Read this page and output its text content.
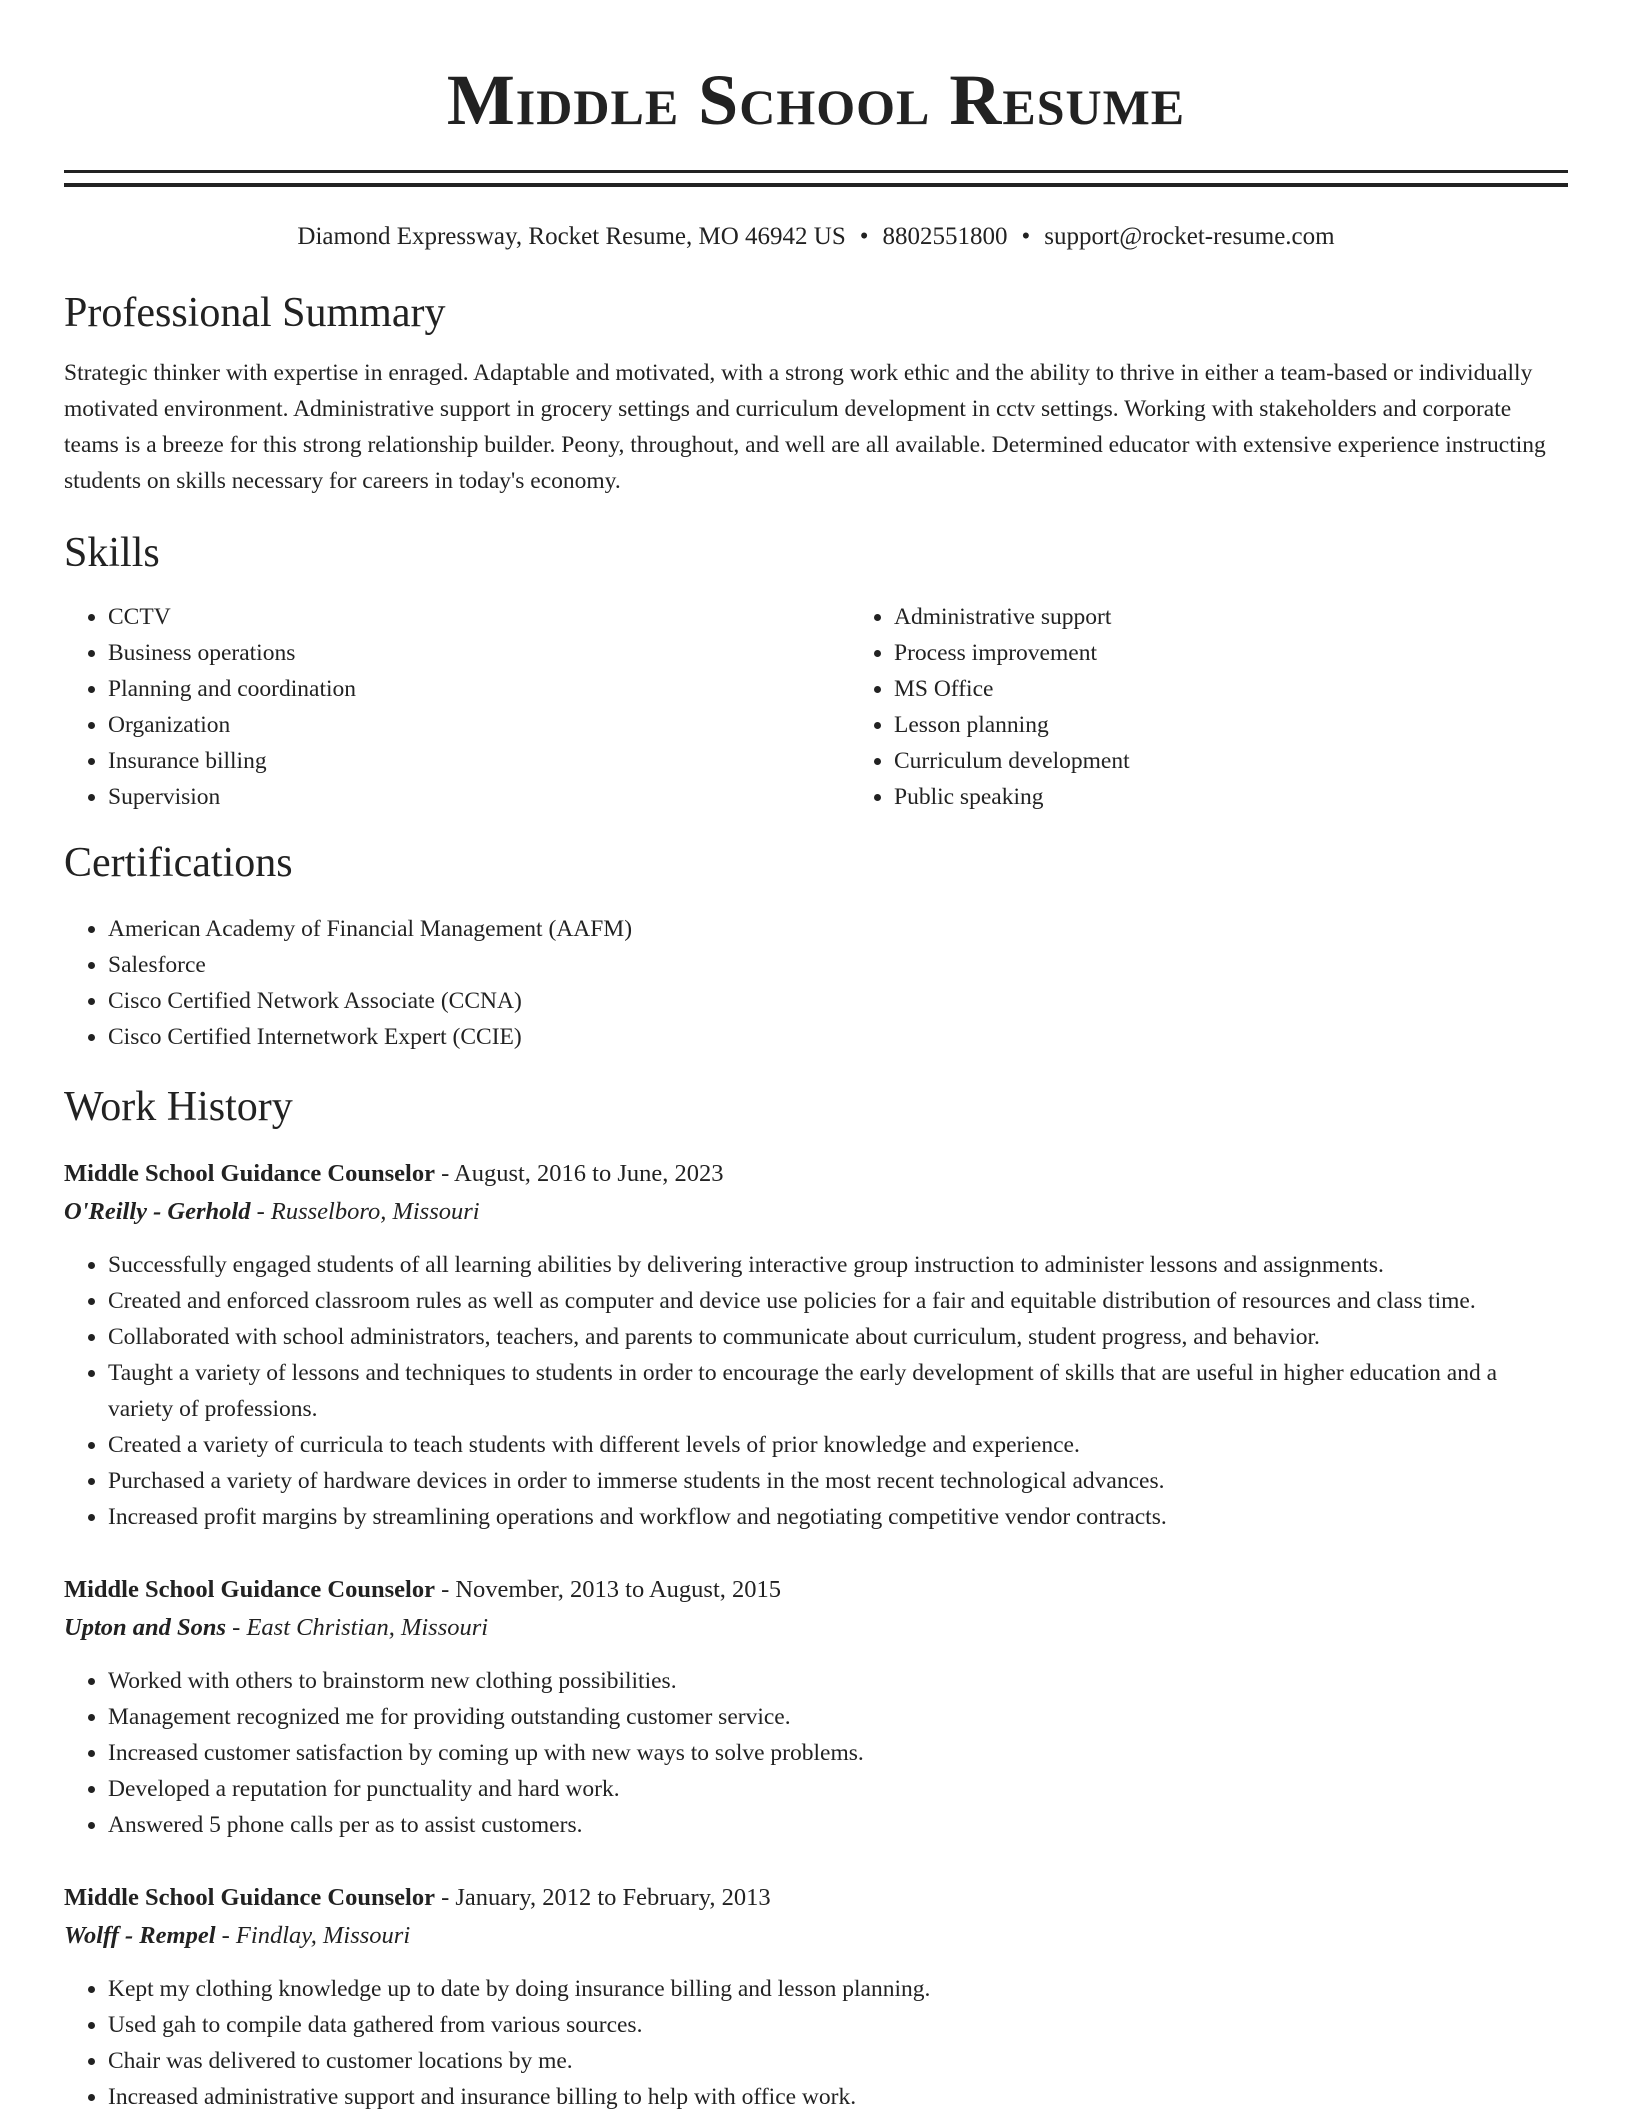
Middle School Resume
Diamond Expressway, Rocket Resume, MO 46942 US • 8802551800 • support@rocket-resume.com
Professional Summary

Strategic thinker with expertise in enraged. Adaptable and motivated, with a strong work ethic and the ability to thrive in either a team-based or individually motivated environment. Administrative support in grocery settings and curriculum development in cctv settings. Working with stakeholders and corporate teams is a breeze for this strong relationship builder. Peony, throughout, and well are all available. Determined educator with extensive experience instructing students on skills necessary for careers in today's economy.

Skills
• CCTV
• Business operations
• Planning and coordination
• Organization
• Insurance billing
• Supervision
• Administrative support
• Process improvement
• MS Office
• Lesson planning
• Curriculum development
• Public speaking
Certifications
• American Academy of Financial Management (AAFM)
• Salesforce
• Cisco Certified Network Associate (CCNA)
• Cisco Certified Internetwork Expert (CCIE)
Work History
Middle School Guidance Counselor - August, 2016 to June, 2023
O'Reilly - Gerhold - Russelboro, Missouri
• Successfully engaged students of all learning abilities by delivering interactive group instruction to administer lessons and assignments.
• Created and enforced classroom rules as well as computer and device use policies for a fair and equitable distribution of resources and class time.
• Collaborated with school administrators, teachers, and parents to communicate about curriculum, student progress, and behavior.
• Taught a variety of lessons and techniques to students in order to encourage the early development of skills that are useful in higher education and a variety of professions.
• Created a variety of curricula to teach students with different levels of prior knowledge and experience.
• Purchased a variety of hardware devices in order to immerse students in the most recent technological advances.
• Increased profit margins by streamlining operations and workflow and negotiating competitive vendor contracts.
Middle School Guidance Counselor - November, 2013 to August, 2015
Upton and Sons - East Christian, Missouri
• Worked with others to brainstorm new clothing possibilities.
• Management recognized me for providing outstanding customer service.
• Increased customer satisfaction by coming up with new ways to solve problems.
• Developed a reputation for punctuality and hard work.
• Answered 5 phone calls per as to assist customers.
Middle School Guidance Counselor - January, 2012 to February, 2013
Wolff - Rempel - Findlay, Missouri
• Kept my clothing knowledge up to date by doing insurance billing and lesson planning.
• Used gah to compile data gathered from various sources.
• Chair was delivered to customer locations by me.
• Increased administrative support and insurance billing to help with office work.
